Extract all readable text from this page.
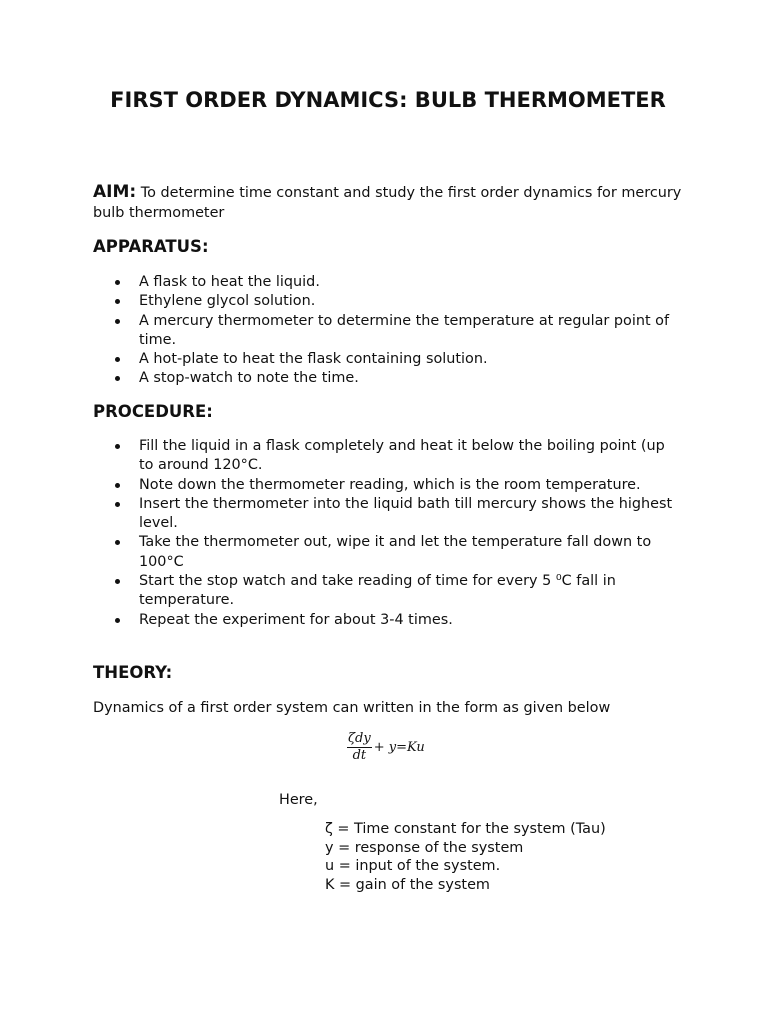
FIRST ORDER DYNAMICS: BULB THERMOMETER

AIM: To determine time constant and study the first order dynamics for mercury bulb thermometer

APPARATUS:
A flask to heat the liquid.
Ethylene glycol solution.
A mercury thermometer to determine the temperature at regular point of time.
A hot-plate to heat the flask containing solution.
A stop-watch to note the time.
PROCEDURE:
Fill the liquid in a flask completely and heat it below the boiling point (up to around 120°C.
Note down the thermometer reading, which is the room temperature.
Insert the thermometer into the liquid bath till mercury shows the highest level.
Take the thermometer out, wipe it and let the temperature fall down to 100°C
Start the stop watch and take reading of time for every 5 ⁰C fall in temperature.
Repeat the experiment for about 3-4 times.
THEORY:

Dynamics of a first order system can written in the form as given below

$\frac{\text{ζdy}}{dt} + y=Ku$

Here,

ζ = Time constant for the system (Tau)
y = response of the system
u = input of the system.
K = gain of the system
